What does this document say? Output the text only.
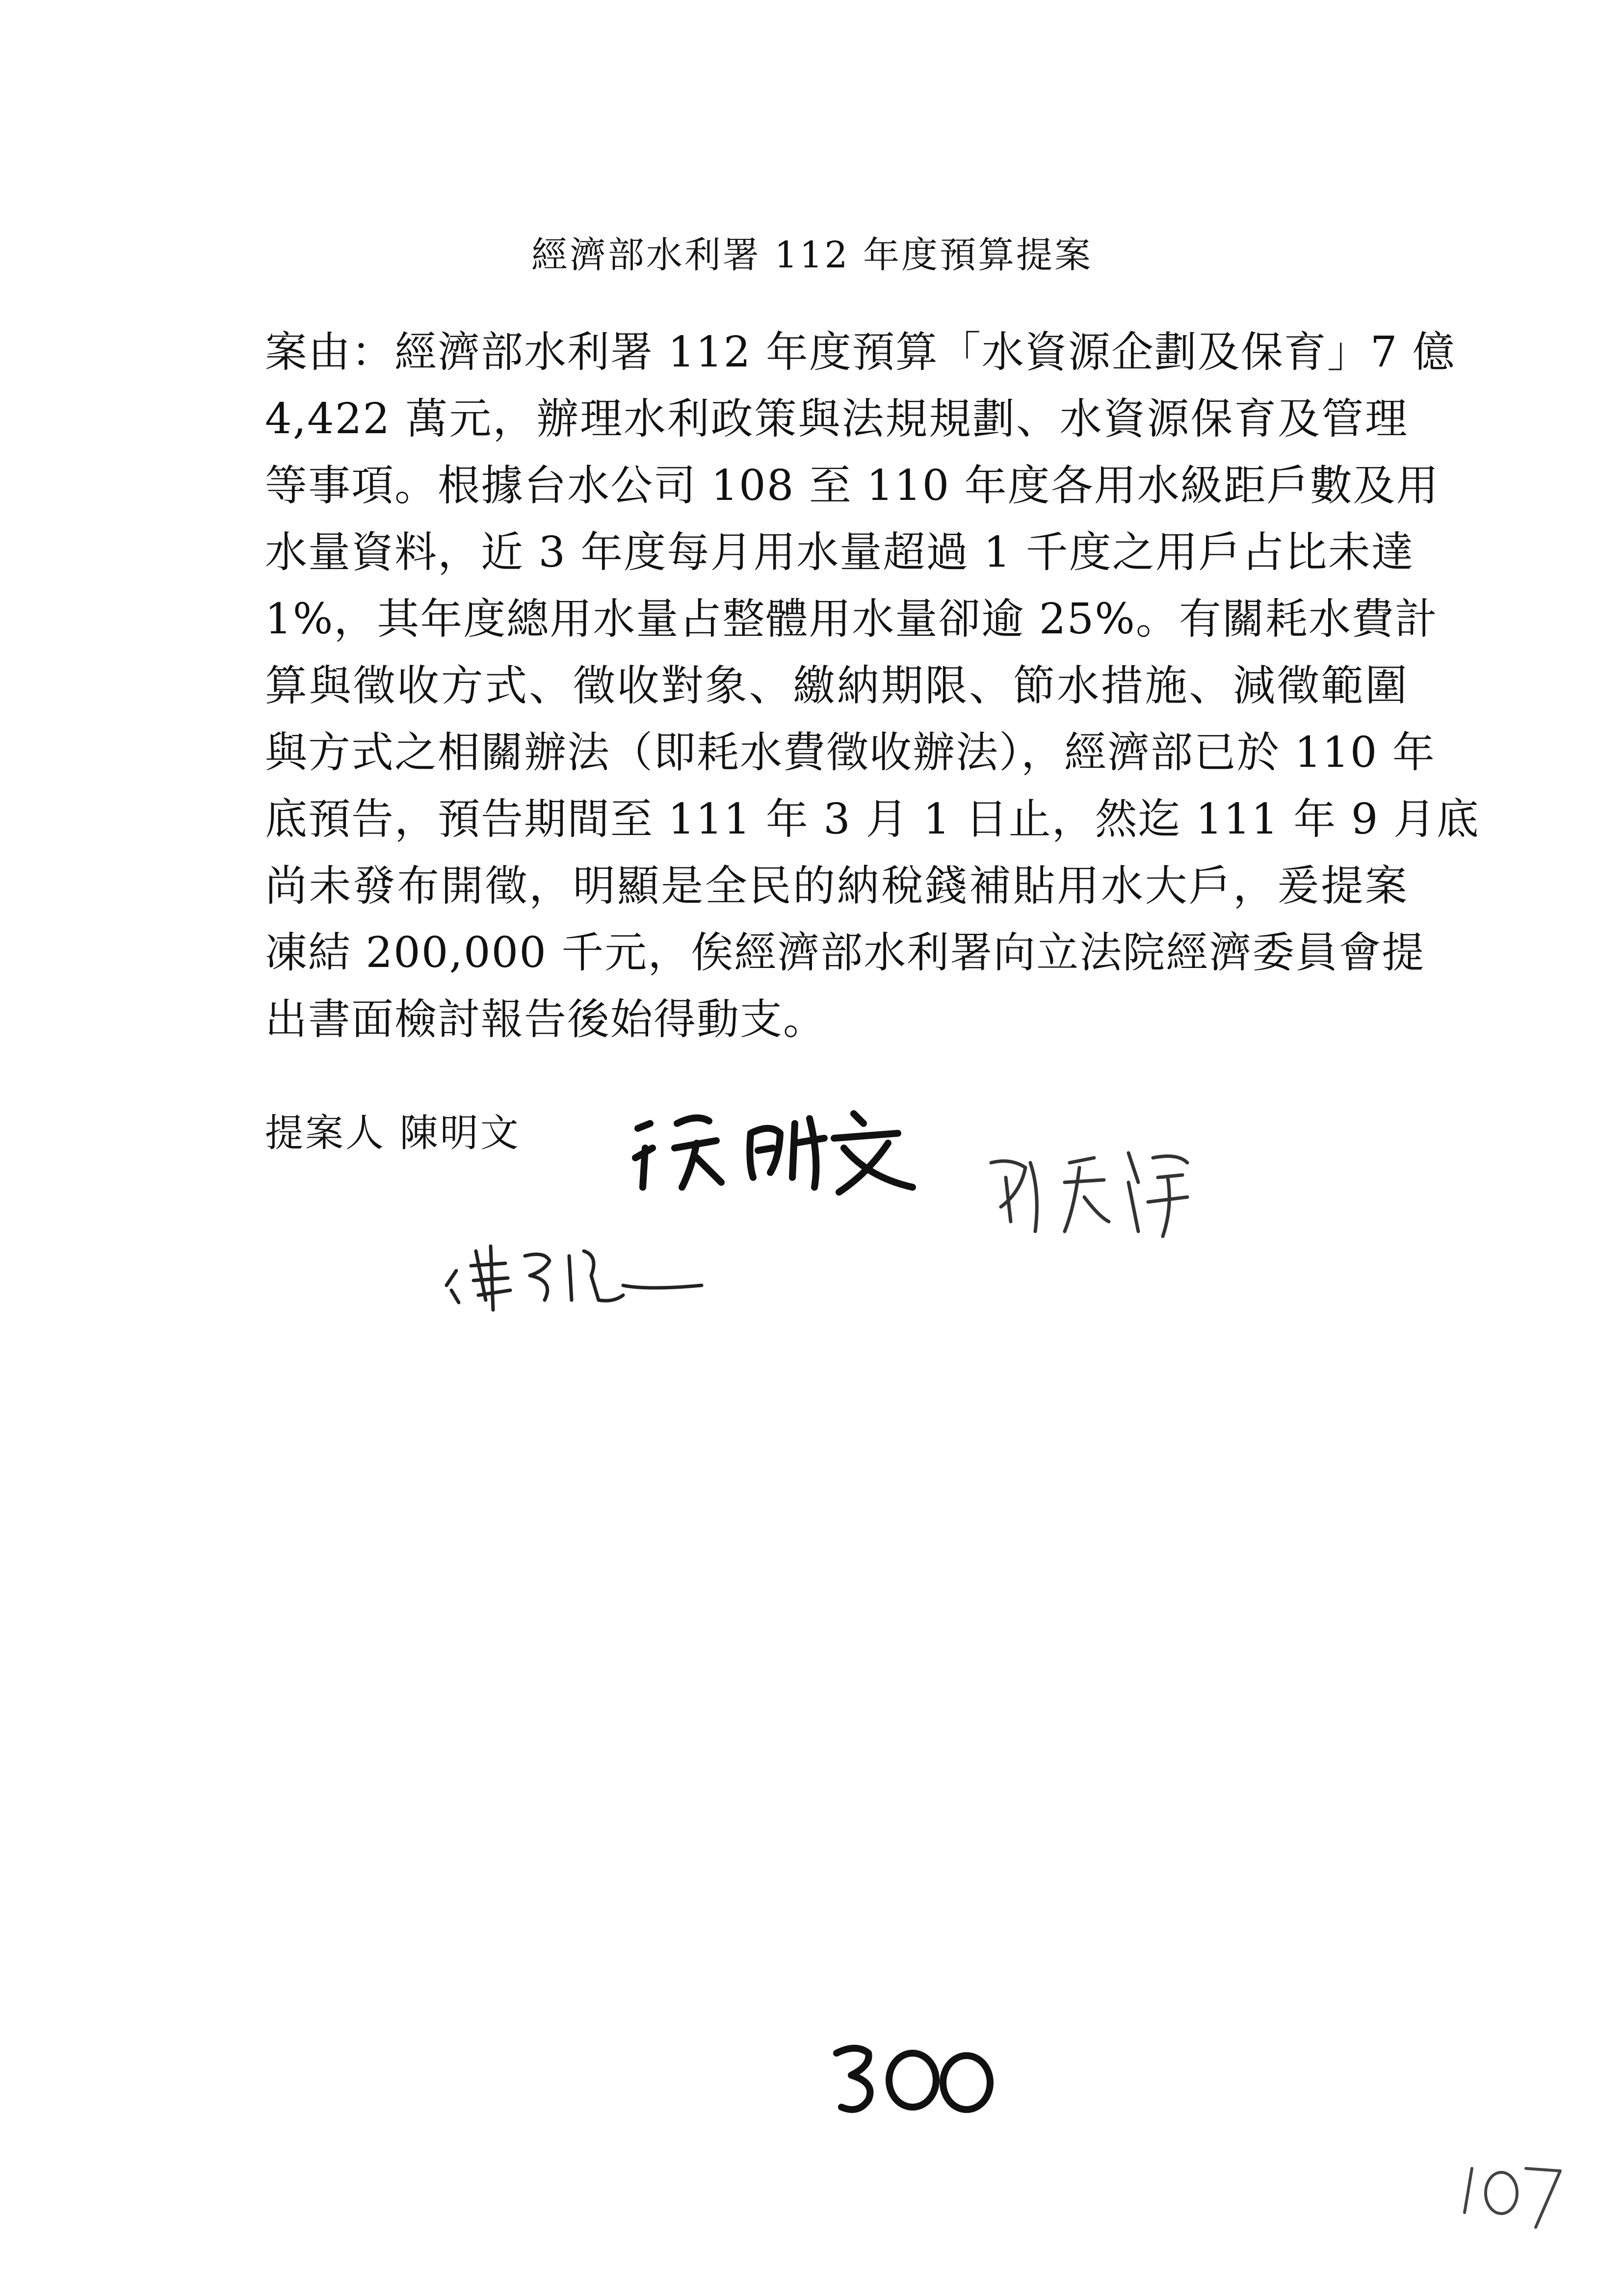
經濟部水利署 112 年度預算提案
案由：經濟部水利署 112 年度預算「水資源企劃及保育」7 億
4,422 萬元，辦理水利政策與法規規劃、水資源保育及管理
等事項。根據台水公司 108 至 110 年度各用水級距戶數及用
水量資料，近 3 年度每月用水量超過 1 千度之用戶占比未達
1%，其年度總用水量占整體用水量卻逾 25%。有關耗水費計
算與徵收方式、徵收對象、繳納期限、節水措施、減徵範圍
與方式之相關辦法（即耗水費徵收辦法），經濟部已於 110 年
底預告，預告期間至 111 年 3 月 1 日止，然迄 111 年 9 月底
尚未發布開徵，明顯是全民的納稅錢補貼用水大戶，爰提案
凍結 200,000 千元，俟經濟部水利署向立法院經濟委員會提
出書面檢討報告後始得動支。
提案人 陳明文
